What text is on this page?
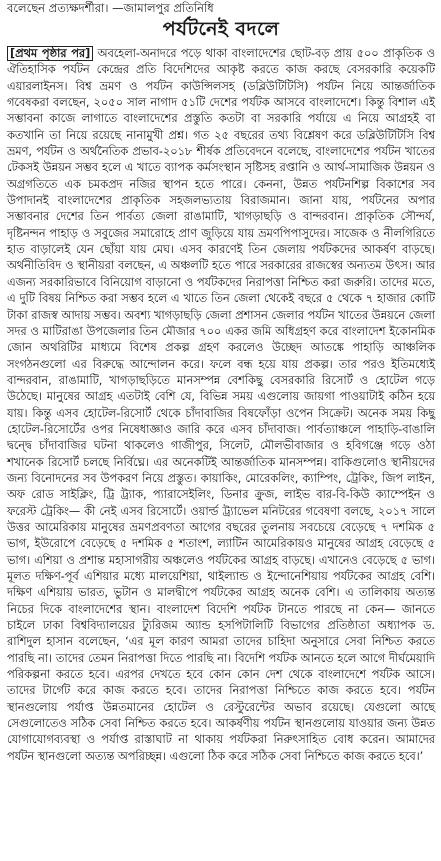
বলেছেন প্রত্যক্ষদর্শীরা। —জামালপুর প্রতিনিধি
পর্যটনেই বদলে
[প্রথম পৃষ্ঠার পর] অবহেলা-অনাদরে পড়ে থাকা বাংলাদেশের ছোট-বড় প্রায় ৫০০ প্রাকৃতিক ও ঐতিহাসিক পর্যটন কেন্দ্রের প্রতি বিদেশিদের আকৃষ্ট করতে কাজ করছে বেসরকারি কয়েকটি এয়ারলাইনস। বিশ্ব ভ্রমণ ও পর্যটন কাউন্সিলসহ (ডব্লিউটিটিসি) পর্যটন নিয়ে আন্তর্জাতিক গবেষকরা বলছেন, ২০৫০ সাল নাগাদ ৫১টি দেশের পর্যটক আসবে বাংলাদেশে। কিন্তু বিশাল এই সম্ভাবনা কাজে লাগাতে বাংলাদেশের প্রস্তুতি কতটা বা সরকারি পর্যায়ে এ নিয়ে আগ্রহই বা কতখানি তা নিয়ে রয়েছে নানামুখী প্রশ্ন। গত ২৫ বছরের তথ্য বিশ্লেষণ করে ডব্লিউটিটিসি বিশ্ব ভ্রমণ, পর্যটন ও অর্থনৈতিক প্রভাব-২০১৮ শীর্ষক প্রতিবেদনে বলেছে, বাংলাদেশের পর্যটন খাতের টেকসই উন্নয়ন সম্ভব হলে এ খাতে ব্যাপক কর্মসংস্থান সৃষ্টিসহ রপ্তানি ও আর্থ-সামাজিক উন্নয়ন ও অগ্রগতিতে এক চমকপ্রদ নজির স্থাপন হতে পারে। কেননা, উন্নত পর্যটনশিল্প বিকাশের সব উপাদানই বাংলাদেশের প্রাকৃতিক সহজলভ্যতায় বিরাজমান। জানা যায়, পর্যটনের অপার সম্ভাবনার দেশের তিন পার্বত্য জেলা রাঙামাটি, খাগড়াছড়ি ও বান্দরবান। প্রাকৃতিক সৌন্দর্য, দৃষ্টিনন্দন পাহাড় ও সবুজের সমারোহে প্রাণ জুড়িয়ে যায় ভ্রমণপিপাসুদের। সাজেক ও নীলগিরিতে হাত বাড়ালেই যেন ছোঁয়া যায় মেঘ। এসব কারণেই তিন জেলায় পর্যটকদের আকর্ষণ বাড়ছে। অর্থনীতিবিদ ও স্থানীয়রা বলছেন, এ অঞ্চলটি হতে পারে সরকারের রাজস্বের অন্যতম উৎস। আর এজন্য সরকারিভাবে বিনিয়োগ বাড়ানো ও পর্যটকদের নিরাপত্তা নিশ্চিত করা জরুরি। তাদের মতে, এ দুটি বিষয় নিশ্চিত করা সম্ভব হলে এ খাতে তিন জেলা থেকেই বছরে ৫ থেকে ৭ হাজার কোটি টাকা রাজস্ব আদায় সম্ভব। অবশ্য খাগড়াছড়ি জেলা প্রশাসন জেলার পর্যটন খাতের উন্নয়নে জেলা সদর ও মাটিরাঙা উপজেলার তিন মৌজার ৭০০ একর জমি অধিগ্রহণ করে বাংলাদেশ ইকোনমিক জোন অথরিটির মাধ্যমে বিশেষ প্রকল্প গ্রহণ করলেও উচ্ছেদ আতঙ্কে পাহাড়ি আঞ্চলিক সংগঠনগুলো এর বিরুদ্ধে আন্দোলন করে। ফলে বন্ধ হয়ে যায় প্রকল্প। তার পরও ইতিমধ্যেই বান্দরবান, রাঙামাটি, খাগড়াছড়িতে মানসম্পন্ন বেশকিছু বেসরকারি রিসোর্ট ও হোটেল গড়ে উঠেছে। মানুষের আগ্রহ এতটাই বেশি যে, বিভিন্ন সময় এগুলোয় জায়গা পাওয়াটাই কঠিন হয়ে যায়। কিন্তু এসব হোটেল-রিসোর্ট থেকে চাঁদাবাজির বিষফোঁড়া ওপেন সিক্রেট। অনেক সময় কিছু হোটেল-রিসোর্টের ওপর নিষেধাজ্ঞাও জারি করে এসব চাঁদাবাজ। পার্বত্যাঞ্চলে পাহাড়ি-বাঙালি দ্বন্দ্বে চাঁদাবাজির ঘটনা থাকলেও গাজীপুর, সিলেট, মৌলভীবাজার ও হবিগঞ্জে গড়ে ওঠা শখানেক রিসোর্ট চলছে নির্বিঘ্নে। এর অনেকটিই আন্তর্জাতিক মানসম্পন্ন। বাকিগুলোও স্থানীয়দের জন্য বিনোদনের সব উপকরণ নিয়ে প্রস্তুত। কায়াকিং, মোরেকলিং, ক্যাম্পিং, ট্রেকিং, জিপ লাইন, অফ রোড সাইক্লিং, ট্রি ট্র্যাক, প্যারাসেইলিং, ডিনার ক্রুজ, লাইভ বার-বি-কিউ ক্যাম্পেইন ও ফরেস্ট ট্রেকিং— কী নেই এসব রিসোর্টে। ওয়ার্ল্ড ট্র্যাভেল মনিটরের গবেষণা বলছে, ২০১৭ সালে উত্তর আমেরিকায় মানুষের ভ্রমণপ্রবণতা আগের বছরের তুলনায় সবচেয়ে বেড়েছে ৭ দশমিক ৫ ভাগ, ইউরোপে বেড়েছে ৫ দশমিক ৫ শতাংশ, ল্যাটিন আমেরিকায়ও মানুষের আগ্রহ বেড়েছে ৫ ভাগ। এশিয়া ও প্রশান্ত মহাসাগরীয় অঞ্চলেও পর্যটকের আগ্রহ বাড়ছে। এখানেও বেড়েছে ৫ ভাগ। মূলত দক্ষিণ-পূর্ব এশিয়ার মধ্যে মালয়েশিয়া, থাইল্যান্ড ও ইন্দোনেশিয়ায় পর্যটকের আগ্রহ বেশি। দক্ষিণ এশিয়ায় ভারত, ভুটান ও মালদ্বীপে পর্যটকের আগ্রহ অনেক বেশি। এ তালিকায় অত্যন্ত নিচের দিকে বাংলাদেশের স্থান। বাংলাদেশ বিদেশি পর্যটক টানতে পারছে না কেন— জানতে চাইলে ঢাকা বিশ্ববিদ্যালয়ের ট্যুরিজম অ্যান্ড হসপিটালিটি বিভাগের প্রতিষ্ঠাতা অধ্যাপক ড. রাশিদুল হাসান বলেছেন, ‘এর মূল কারণ আমরা তাদের চাহিদা অনুসারে সেবা নিশ্চিত করতে পারছি না। তাদের তেমন নিরাপত্তা দিতে পারছি না। বিদেশি পর্যটক আনতে হলে আগে দীর্ঘমেয়াদি পরিকল্পনা করতে হবে। এরপর দেখতে হবে কোন কোন দেশ থেকে বাংলাদেশে পর্যটক আসে। তাদের টার্গেট করে কাজ করতে হবে। তাদের নিরাপত্তা নিশ্চিতে কাজ করতে হবে। পর্যটন স্থানগুলোয় পর্যাপ্ত উন্নতমানের হোটেল ও রেস্টুরেন্টের অভাব রয়েছে। যেগুলো আছে সেগুলোতেও সঠিক সেবা নিশ্চিত করতে হবে। আকর্ষণীয় পর্যটন স্থানগুলোয় যাওয়ার জন্য উন্নত যোগাযোগব্যবস্থা ও পর্যাপ্ত রাস্তাঘাট না থাকায় পর্যটকরা নিরুৎসাহিত বোধ করেন। আমাদের পর্যটন স্থানগুলো অত্যন্ত অপরিচ্ছন্ন। এগুলো ঠিক করে সঠিক সেবা নিশ্চিতে কাজ করতে হবে।’
